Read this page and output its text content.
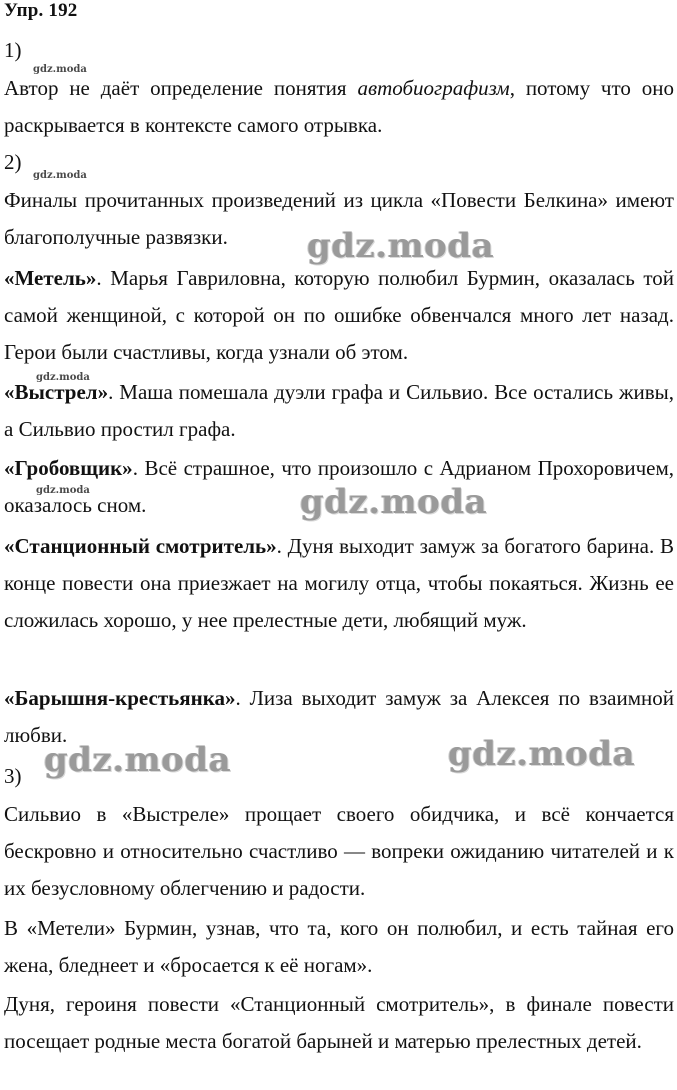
Упр. 192
1)
gdz.moda

Автор не даёт определение понятия автобиографизм, потому что оно раскрывается в контексте самого отрывка.

2)
gdz.moda

Финалы прочитанных произведений из цикла «Повести Белкина» имеют благополучные развязки.	gdz.moda

«Метель». Марья Гавриловна, которую полюбил Бурмин, оказалась той самой женщиной, с которой он по ошибке обвенчался много лет назад. Герои были счастливы, когда узнали об этом.

gdz.moda

«Выстрел». Маша помешала дуэли графа и Сильвио. Все остались живы, а Сильвио простил графа.

«Гробовщик». Всё страшное, что произошло с Адрианом Прохоровичем, оказалось сном.

gdz.moda	gdz.moda

«Станционный смотритель». Дуня выходит замуж за богатого барина. В конце повести она приезжает на могилу отца, чтобы покаяться. Жизнь ее сложилась хорошо, у нее прелестные дети, любящий муж.

«Барышня-крестьянка». Лиза выходит замуж за Алексея по взаимной любви.

3) gdz.moda	gdz.moda

Сильвио в «Выстреле» прощает своего обидчика, и всё кончается бескровно и относительно счастливо — вопреки ожиданию читателей и к их безусловному облегчению и радости.

В «Метели» Бурмин, узнав, что та, кого он полюбил, и есть тайная его жена, бледнеет и «бросается к её ногам».

Дуня, героиня повести «Станционный смотритель», в финале повести посещает родные места богатой барыней и матерью прелестных детей.
